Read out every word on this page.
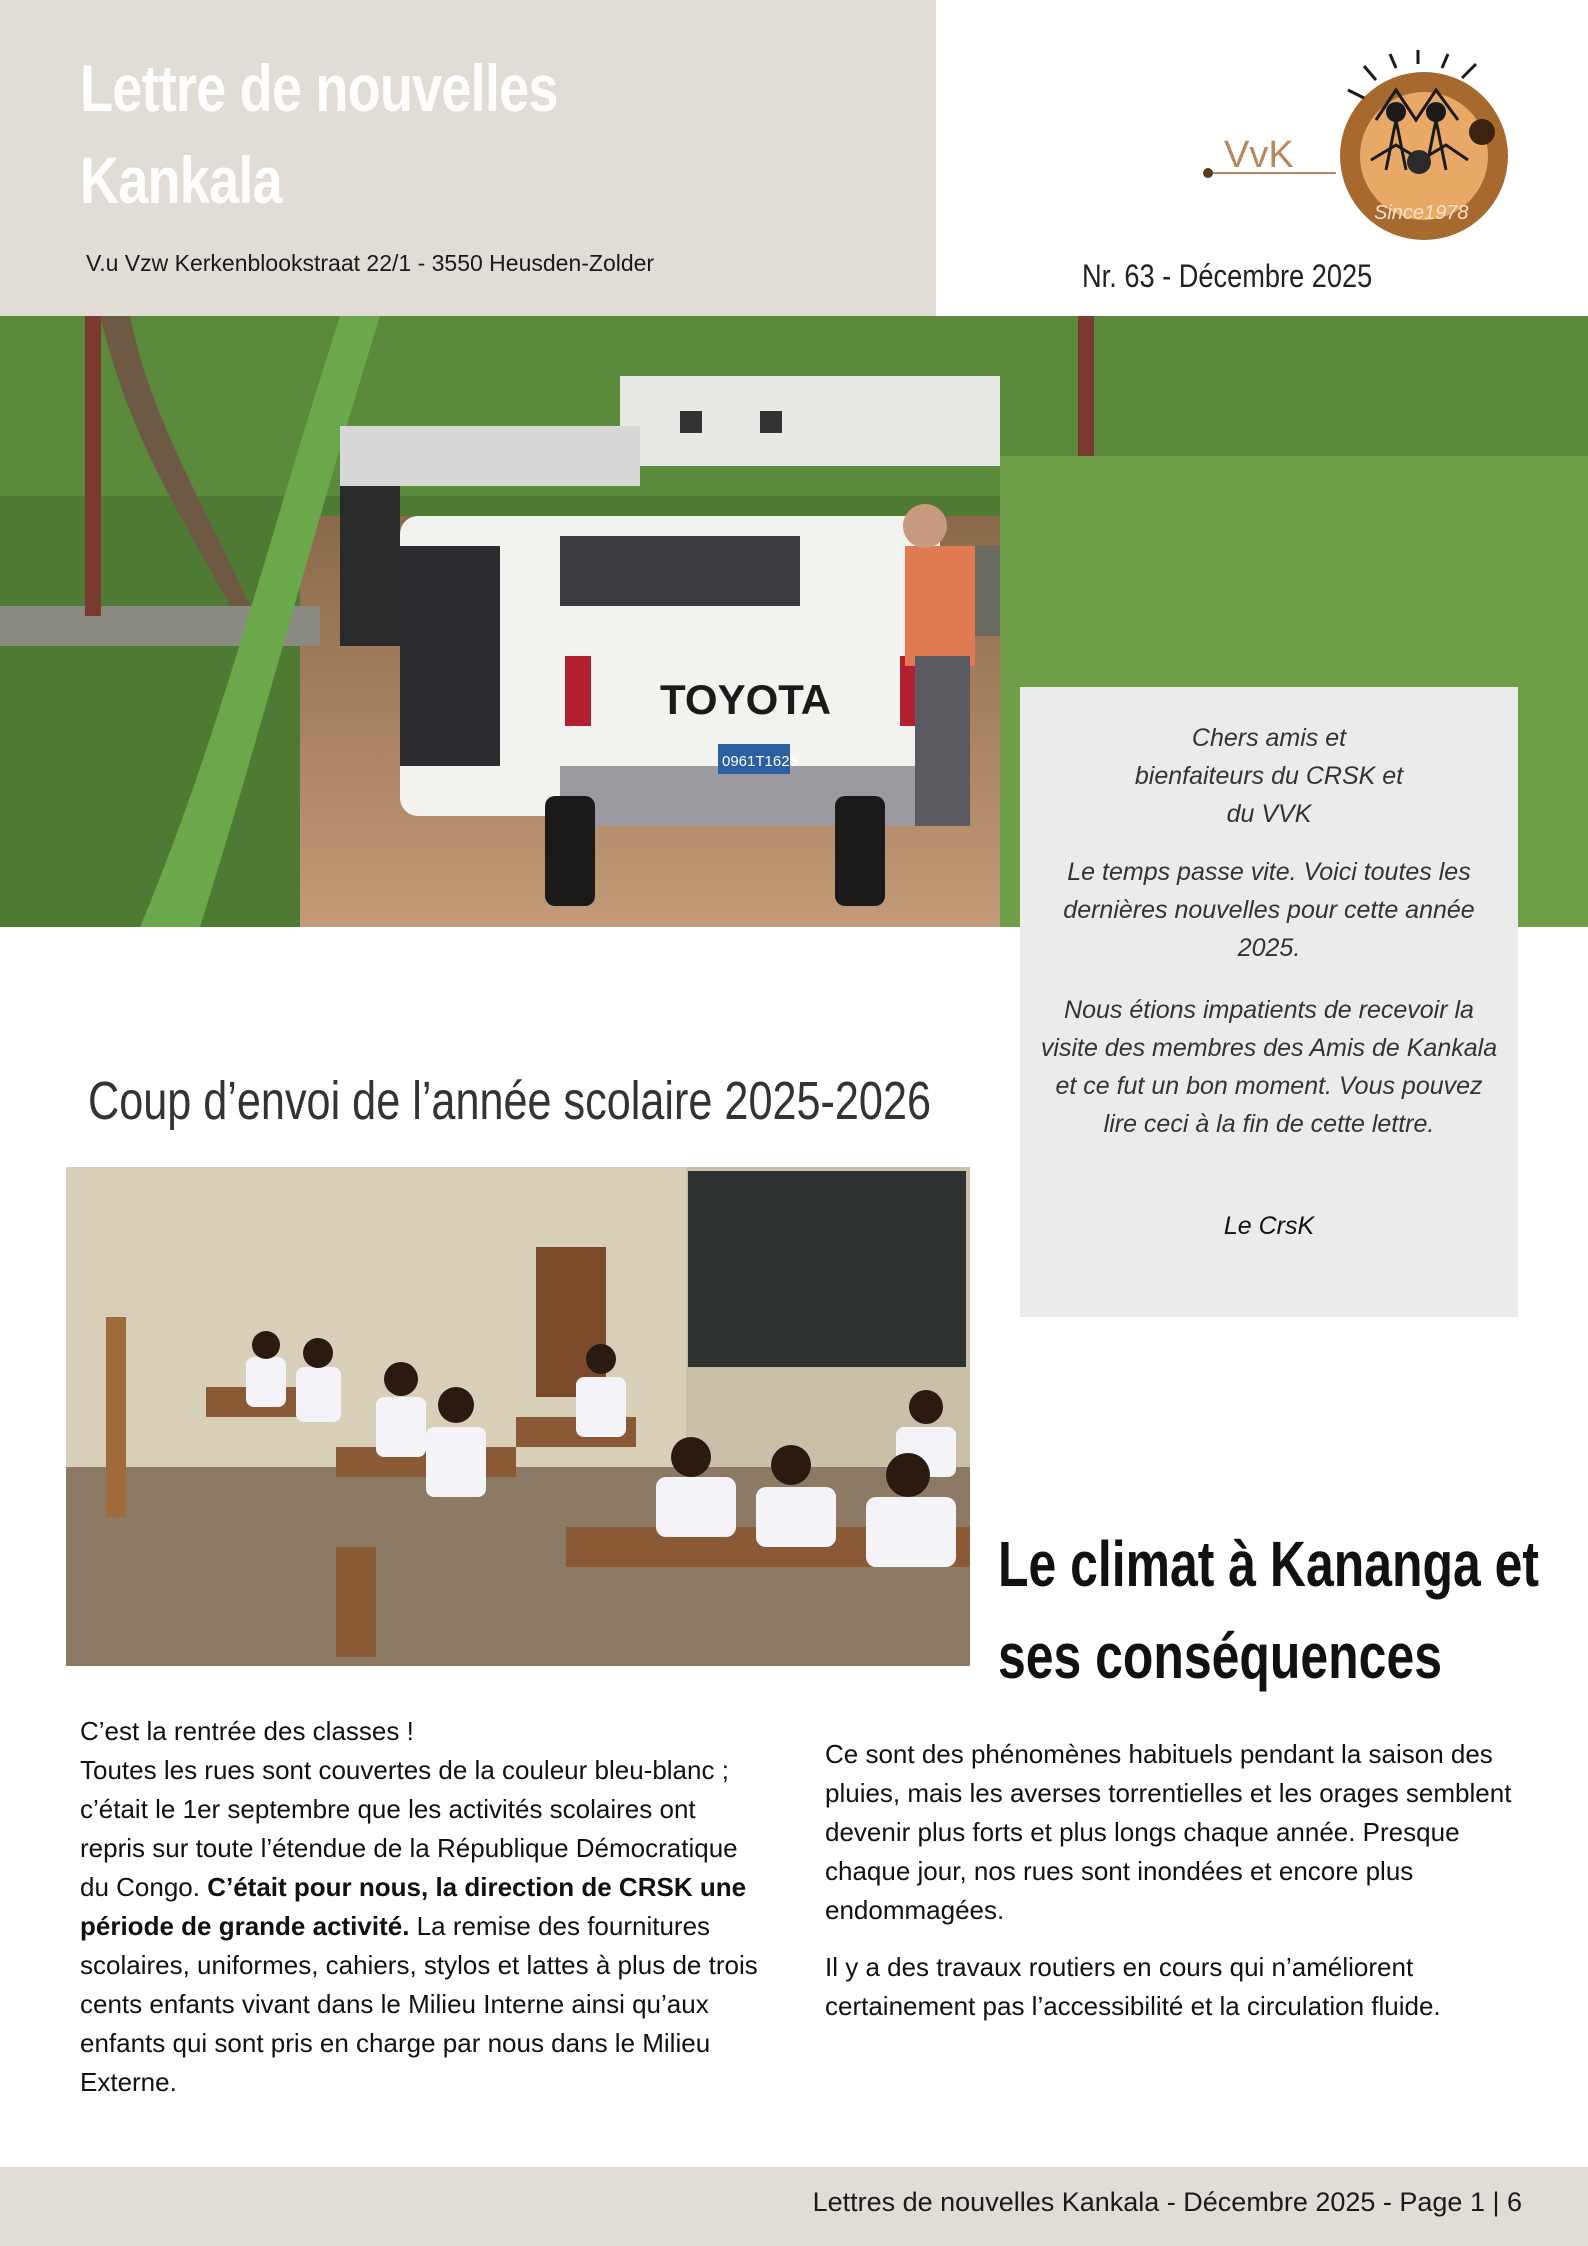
Lettre de nouvelles
Kankala
V.u Vzw Kerkenblookstraat 22/1 - 3550 Heusden-Zolder	Nr. 63 - Décembre 2025
VvK
Since1978
TOYOTA
0961T1626
Chers amis et bienfaiteurs du CRSK et du VVK
Le temps passe vite. Voici toutes les dernières nouvelles pour cette année 2025.
Nous étions impatients de recevoir la visite des membres des Amis de Kankala et ce fut un bon moment. Vous pouvez lire ceci à la fin de cette lettre.
Le CrsK
Coup d’envoi de l’année scolaire 2025-2026
Le climat à Kananga et ses conséquences
C’est la rentrée des classes !
Toutes les rues sont couvertes de la couleur bleu-blanc ; c’était le 1er septembre que les activités scolaires ont repris sur toute l’étendue de la République Démocratique du Congo. C’était pour nous, la direction de CRSK une période de grande activité. La remise des fournitures scolaires, uniformes, cahiers, stylos et lattes à plus de trois cents enfants vivant dans le Milieu Interne ainsi qu’aux enfants qui sont pris en charge par nous dans le Milieu Externe.

Ce sont des phénomènes habituels pendant la saison des pluies, mais les averses torrentielles et les orages semblent devenir plus forts et plus longs chaque année. Presque chaque jour, nos rues sont inondées et encore plus endommagées.

Il y a des travaux routiers en cours qui n’améliorent certainement pas l’accessibilité et la circulation fluide.

Lettres de nouvelles Kankala - Décembre 2025 - Page 1 | 6
